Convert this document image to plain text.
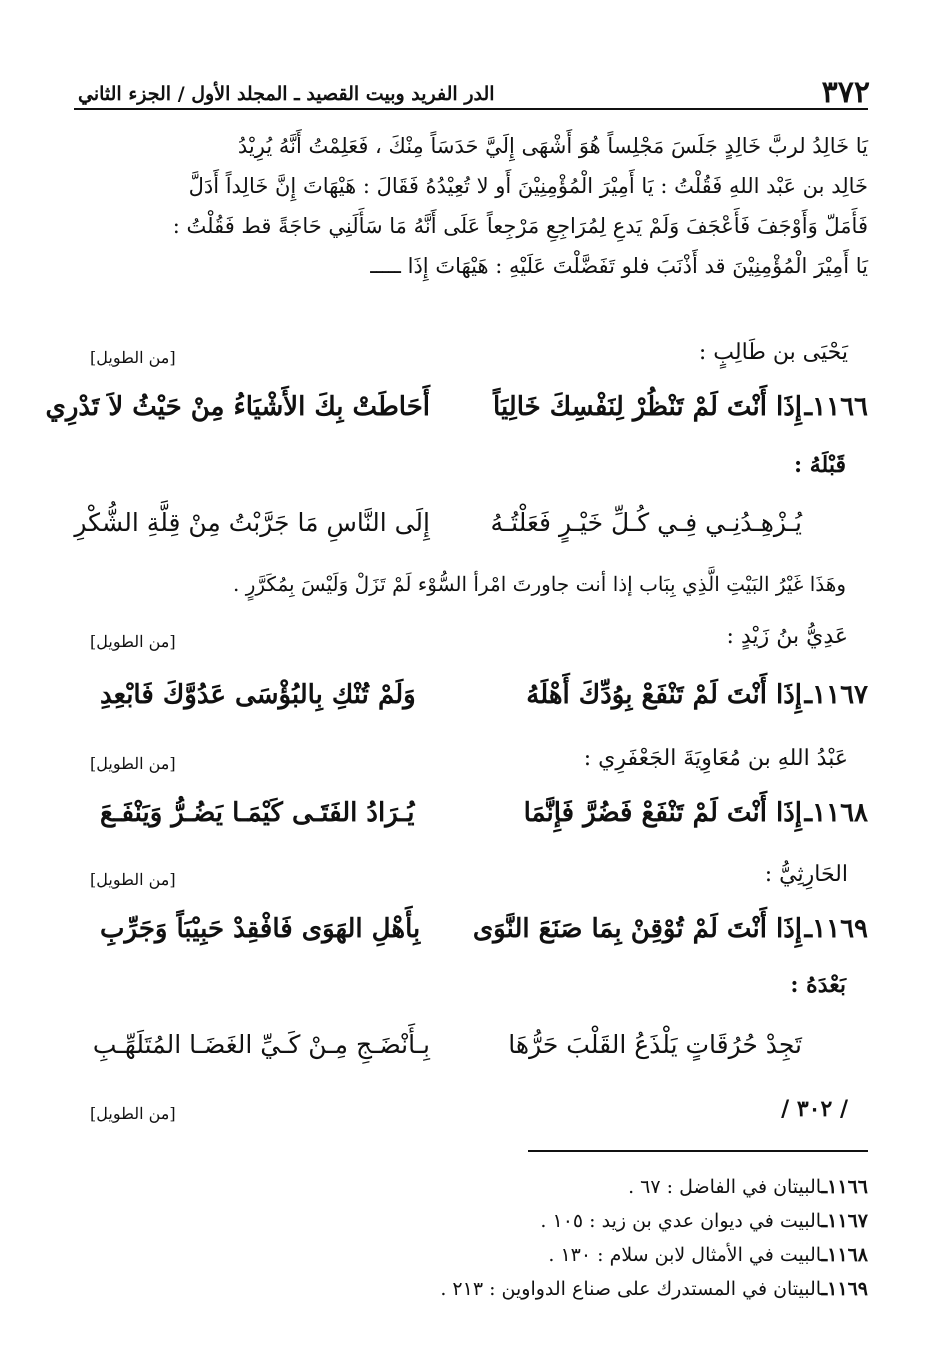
٣٧٢
الدر الفريد وبيت القصيد ـ المجلد الأول / الجزء الثاني
يَا خَالِدُ لربَّ خَالِدٍ جَلَسَ مَجْلِساً هُوَ أَشْهَى إِلَيَّ حَدَسَاً مِنْكَ ، فَعَلِمْتُ أَنَّهُ يُرِيْدُ
خَالِد بن عَبْد اللهِ فَقُلْتُ : يَا أَمِيْرَ الْمُؤْمِنِيْنَ أَو لا تُعِيْدُهُ فَقَالَ : هَيْهَاتَ إِنَّ خَالِداً أَدَلَّ
فَأَمَلّ وَأَوْجَفَ فَأَعْجَفَ وَلَمْ يَدعِ لِمُرَاجِعِ مَرْجِعاً عَلَى أَنَّهُ مَا سَأَلَنِي حَاجَةً قط فَقُلْتُ :
يَا أَمِيْرَ الْمُؤْمِنِيْنَ قد أَذْنَبَ فلو تَفَضَّلْتَ عَلَيْهِ : هَيْهَاتَ إِذَا ـــــ
يَحْيَى بن طَالِبٍ :
[من الطويل]
١١٦٦ـ
إِذَا أَنْتَ لَمْ تَنْظُرْ لِنَفْسِكَ خَالِيَاً
أَحَاطَتْ بِكَ الأَشْيَاءُ مِنْ حَيْثُ لاَ تَدْرِي
قَبْلَهُ :
يُـزْهِـدُنِـي فِـي كُـلِّ خَيْـرٍ فَعَلْتُـهُ
إِلَى النَّاسِ مَا جَرَّبْتُ مِنْ قِلَّةِ الشُّكْرِ
وهَذَا غَيْرُ البَيْتِ الَّذِي بِبَاب إذا أنت جاورتَ امْرأ السُّوْء لَمْ تَزَلْ وَلَيْسَ بِمُكَرَّرٍ .
عَدِيُّ بنُ زَيْدٍ :
[من الطويل]
١١٦٧ـ
إِذَا أَنْتَ لَمْ تَنْفَعْ بِوُدِّكَ أَهْلَهُ
وَلَمْ تُنْكِ بِالبُؤْسَى عَدُوَّكَ فَابْعِدِ
عَبْدُ اللهِ بن مُعَاوِيَةَ الجَعْفَرِي :
[من الطويل]
١١٦٨ـ
إِذَا أَنْتَ لَمْ تَنْفَعْ فَضُرَّ فَإِنَّمَا
يُـرَادُ الفَتَـى كَيْمَـا يَضُـرُّ وَيَنْفَـعَ
الحَارِثِيُّ :
[من الطويل]
١١٦٩ـ
إِذَا أَنْتَ لَمْ تُوْقِنْ بِمَا صَنَعَ النَّوَى
بِأَهْلِ الهَوَى فَافْقِدْ حَبِيْبَاً وَجَرِّبِ
بَعْدَهُ :
تَجِدْ حُرُقَاتٍ يَلْذَعُ القَلْبَ حَرُّهَا
بِـأَنْضَـجِ مِـنْ كَـيِّ الغَضَـا المُتَلَهِّـبِ
/ ٣٠٢ /
[من الطويل]
١١٦٦ـالبيتان في الفاضل : ٦٧ .
١١٦٧ـالبيت في ديوان عدي بن زيد : ١٠٥ .
١١٦٨ـالبيت في الأمثال لابن سلام : ١٣٠ .
١١٦٩ـالبيتان في المستدرك على صناع الدواوين : ٢١٣ .
